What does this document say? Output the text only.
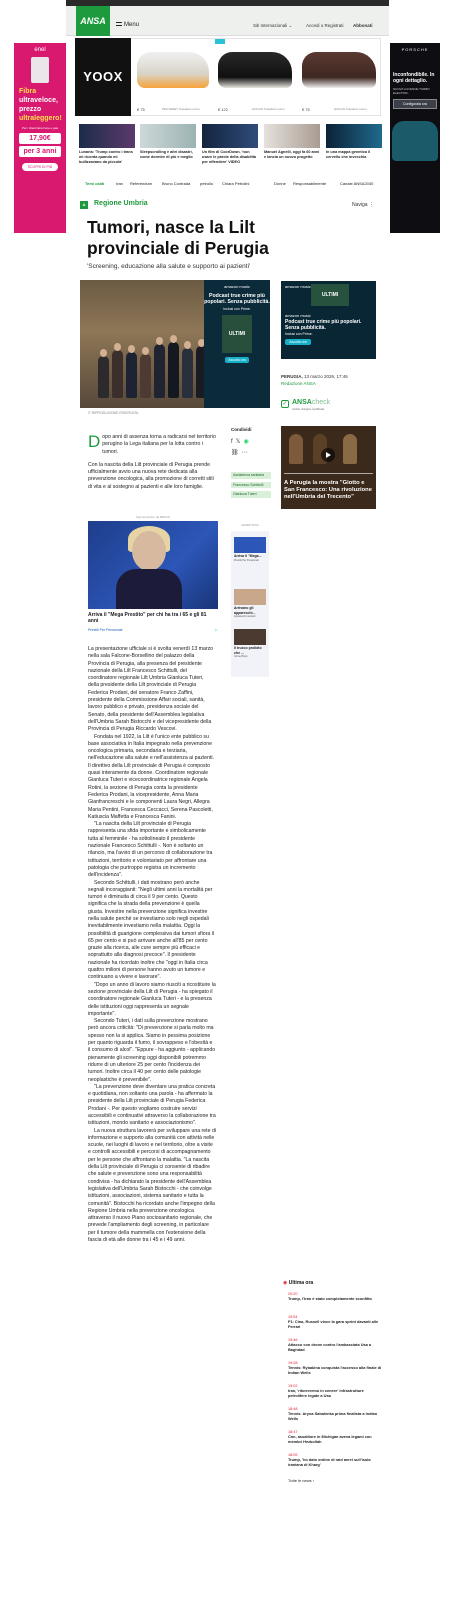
ANSA	Menu	Siti Internazionali ⌄	Accedi o Registrati Abbonati
enel
Fibra
ultraveloce,
prezzo
ultraleggero!
Per i clienti Enel luce e gas
17,90€
per 3 anni
SCOPRI DI PIÙ
PORSCHE
Inconfondibile. In ogni dettaglio.
NUOVA CAYENNE TURBO ELECTRIC.
Configurala ora
YOOX
€ 75	PEUTEREY Sneakers uomo	€ 122	HOGAN Sneakers uomo	€ 75	HOGAN Sneakers uomo
Lunaria: 'Trump contro i trans mi ricorda quando mi bullizzavano da piccola'
Sleepscrolling e altri disastri, come dormire di più e meglio
Un film di CoorDown, 'non usare le parole della disabilità per offendere' VIDEO
Manuel Agnelli, oggi fa 60 anni e lancia un nuovo progetto
In una mappa genetica il cervello che invecchia
Temi caldi	Iran Referendum Bruno Contrada petrolio Chiara Petrolini	Donne Responsabilmente	Canale ANSA2030
A	Regione Umbria	Naviga ⋮
Tumori, nasce la Lilt provinciale di Perugia
'Screening, educazione alla salute e supporto ai pazienti'
amazon music
Podcast true crime più popolari. Senza pubblicità.
Inclusi con Prime.
ULTIMI
Ascolta ora
amazon music
ULTIMI
amazon music
Podcast true crime più popolari. Senza pubblicità.
Inclusi con Prime.
Ascolta ora
PERUGIA, 13 marzo 2026, 17:46
Redazione ANSA
✓ ANSAcheck
notizie d'origine certificata
© RIPRODUZIONE RISERVATA
Condividi
f 𝕏 ◉
⛓ ⋯
Assistenza sanitaria
Francesco Schittulli
Gianluca Tuteri

Dopo anni di assenza torna a radicarsi nel territorio perugino la Lega italiana per la lotta contro i tumori.

Con la nascita della Lilt provinciale di Perugia prende ufficialmente avvio una nuova rete dedicata alla prevenzione oncologica, alla promozione di corretti stili di vita e al sostegno ai pazienti e alle loro famiglie.

A Perugia la mostra "Giotto e San Francesco: Una rivoluzione nell'Umbria del Trecento"
Sponsorizzato da BRAVO
Arriva il "Mega Prestito" per chi ha tra i 65 e gli 81 anni
Prestiti Per Pensionati	▷
ADVERTISING
Arriva il "Mega...
Prestiti Per Pensionati
Arrivano gli apparecchi...
Apparecchi acustici
Il trucco proibito che ...
CornerShop

La presentazione ufficiale si è svolta venerdì 13 marzo nella sala Falcone-Borsellino del palazzo della Provincia di Perugia, alla presenza del presidente nazionale della Lilt Francesco Schittulli, del coordinatore regionale Lilt Umbria Gianluca Tuteri, della presidente della Lilt provinciale di Perugia Federica Prodani, del senatore Franco Zaffini, presidente della Commissione Affari sociali, sanità, lavoro pubblico e privato, previdenza sociale del Senato, della presidente dell'Assemblea legislativa dell'Umbria Sarah Bistocchi e del vicepresidente della Provincia di Perugia Riccardo Vescovi.

Fondata nel 1922, la Lilt è l'unico ente pubblico su base associativa in Italia impegnato nella prevenzione oncologica primaria, secondaria e terziaria, nell'educazione alla salute e nell'assistenza ai pazienti. Il direttivo della Lilt provinciale di Perugia è composto quasi interamente da donne. Coordinatore regionale Gianluca Tuteri e vicecoordinatrice regionale Angela Rotini, la sezione di Perugia conta la presidente Federica Prodani, la vicepresidente, Anna Maria Gianfrancreschi e le componenti Laura Negri, Allegra Maria Pentini, Francesca Ceccacci, Serena Pascoletti, Katiuscia Maffetta e Francesca Fanini.

"La nascita della Lilt provinciale di Perugia rappresenta una sfida importante e simbolicamente tutta al femminile - ha sottolineato il presidente nazionale Francesco Schittulli -. Non è soltanto un rilancio, ma l'avvio di un percorso di collaborazione tra istituzioni, territorio e volontariato per affrontare una patologia che purtroppo registra un incremento dell'incidenza".

Secondo Schittulli, i dati mostrano però anche segnali incoraggianti: "Negli ultimi anni la mortalità per tumori è diminuita di circa il 9 per cento. Questo significa che la strada della prevenzione è quella giusta. Investire nella prevenzione significa investire nella salute perché se investiamo solo negli ospedali inevitabilmente investiamo nella malattia. Oggi la possibilità di guarigione complessiva dai tumori sfiora il 65 per cento e si può arrivare anche all'85 per cento grazie alla ricerca, alle cure sempre più efficaci e soprattutto alla diagnosi precoce". Il presidente nazionale ha ricordato inoltre che "oggi in Italia circa quattro milioni di persone hanno avuto un tumore e continuano a vivere e lavorare".

"Dopo un anno di lavoro siamo riusciti a ricostituire la sezione provinciale della Lilt di Perugia - ha spiegato il coordinatore regionale Gianluca Tuteri - e la presenza delle istituzioni oggi rappresenta un segnale importante".

Secondo Tuteri, i dati sulla prevenzione mostrano però ancora criticità: "Di prevenzione si parla molto ma spesso non la si applica. Siamo in pessima posizione per quanto riguarda il fumo, il sovrappeso e l'obesità e il consumo di alcol". "Eppure - ha aggiunto - applicando pienamente gli screening oggi disponibili potremmo ridurre di un ulteriore 25 per cento l'incidenza dei tumori. Inoltre circa il 40 per cento delle patologie neoplastiche è prevenibile".

"La prevenzione deve diventare una pratica concreta e quotidiana, non soltanto una parola - ha affermato la presidente della Lilt provinciale di Perugia Federica Prodani -. Per questo vogliamo costruire servizi accessibili e continuativi attraverso la collaborazione tra istituzioni, mondo sanitario e associazionismo".

La nuova struttura lavorerà per sviluppare una rete di informazione e supporto alla comunità con attività nelle scuole, nei luoghi di lavoro e nel territorio, oltre a visite e controlli accessibili e percorsi di accompagnamento per le persone che affrontano la malattia. "La nascita della Lilt provinciale di Perugia ci consente di ribadire che salute e prevenzione sono una responsabilità condivisa - ha dichiarato la presidente dell'Assemblea legislativa dell'Umbria Sarah Bistocchi - che coinvolge istituzioni, associazioni, sistema sanitario e tutta la comunità". Bistocchi ha ricordato anche l'impegno della Regione Umbria nella prevenzione oncologica attraverso il nuovo Piano sociosanitario regionale, che prevede l'ampliamento degli screening, in particolare per il tumore della mammella con l'estensione della fascia di età alle donne tra i 45 e i 49 anni.

◉ Ultima ora
20:20
Trump, l'Iran è stato completamente sconfitto
19:54
F1: Cina, Russell vince la gara sprint davanti alle Ferrari
19:46
Attacco con drone contro l'ambasciata Usa a Baghdad
19:28
Tennis: Rybakina conquista l'accesso alla finale di Indian Wells
19:02
Iran, 'ritorreremo in cenere' infrastrutture petrolifere legate a Usa
18:48
Tennis: Aryna Sabalenka prima finalista a Indian Wells
18:47
Cnn, assalitore in Michigan aveva legami con membri Hezbollah
18:05
Trump, 'ho dato ordine di raid aerei sull'isola iraniana di Kharg'
Tutte le news ›
